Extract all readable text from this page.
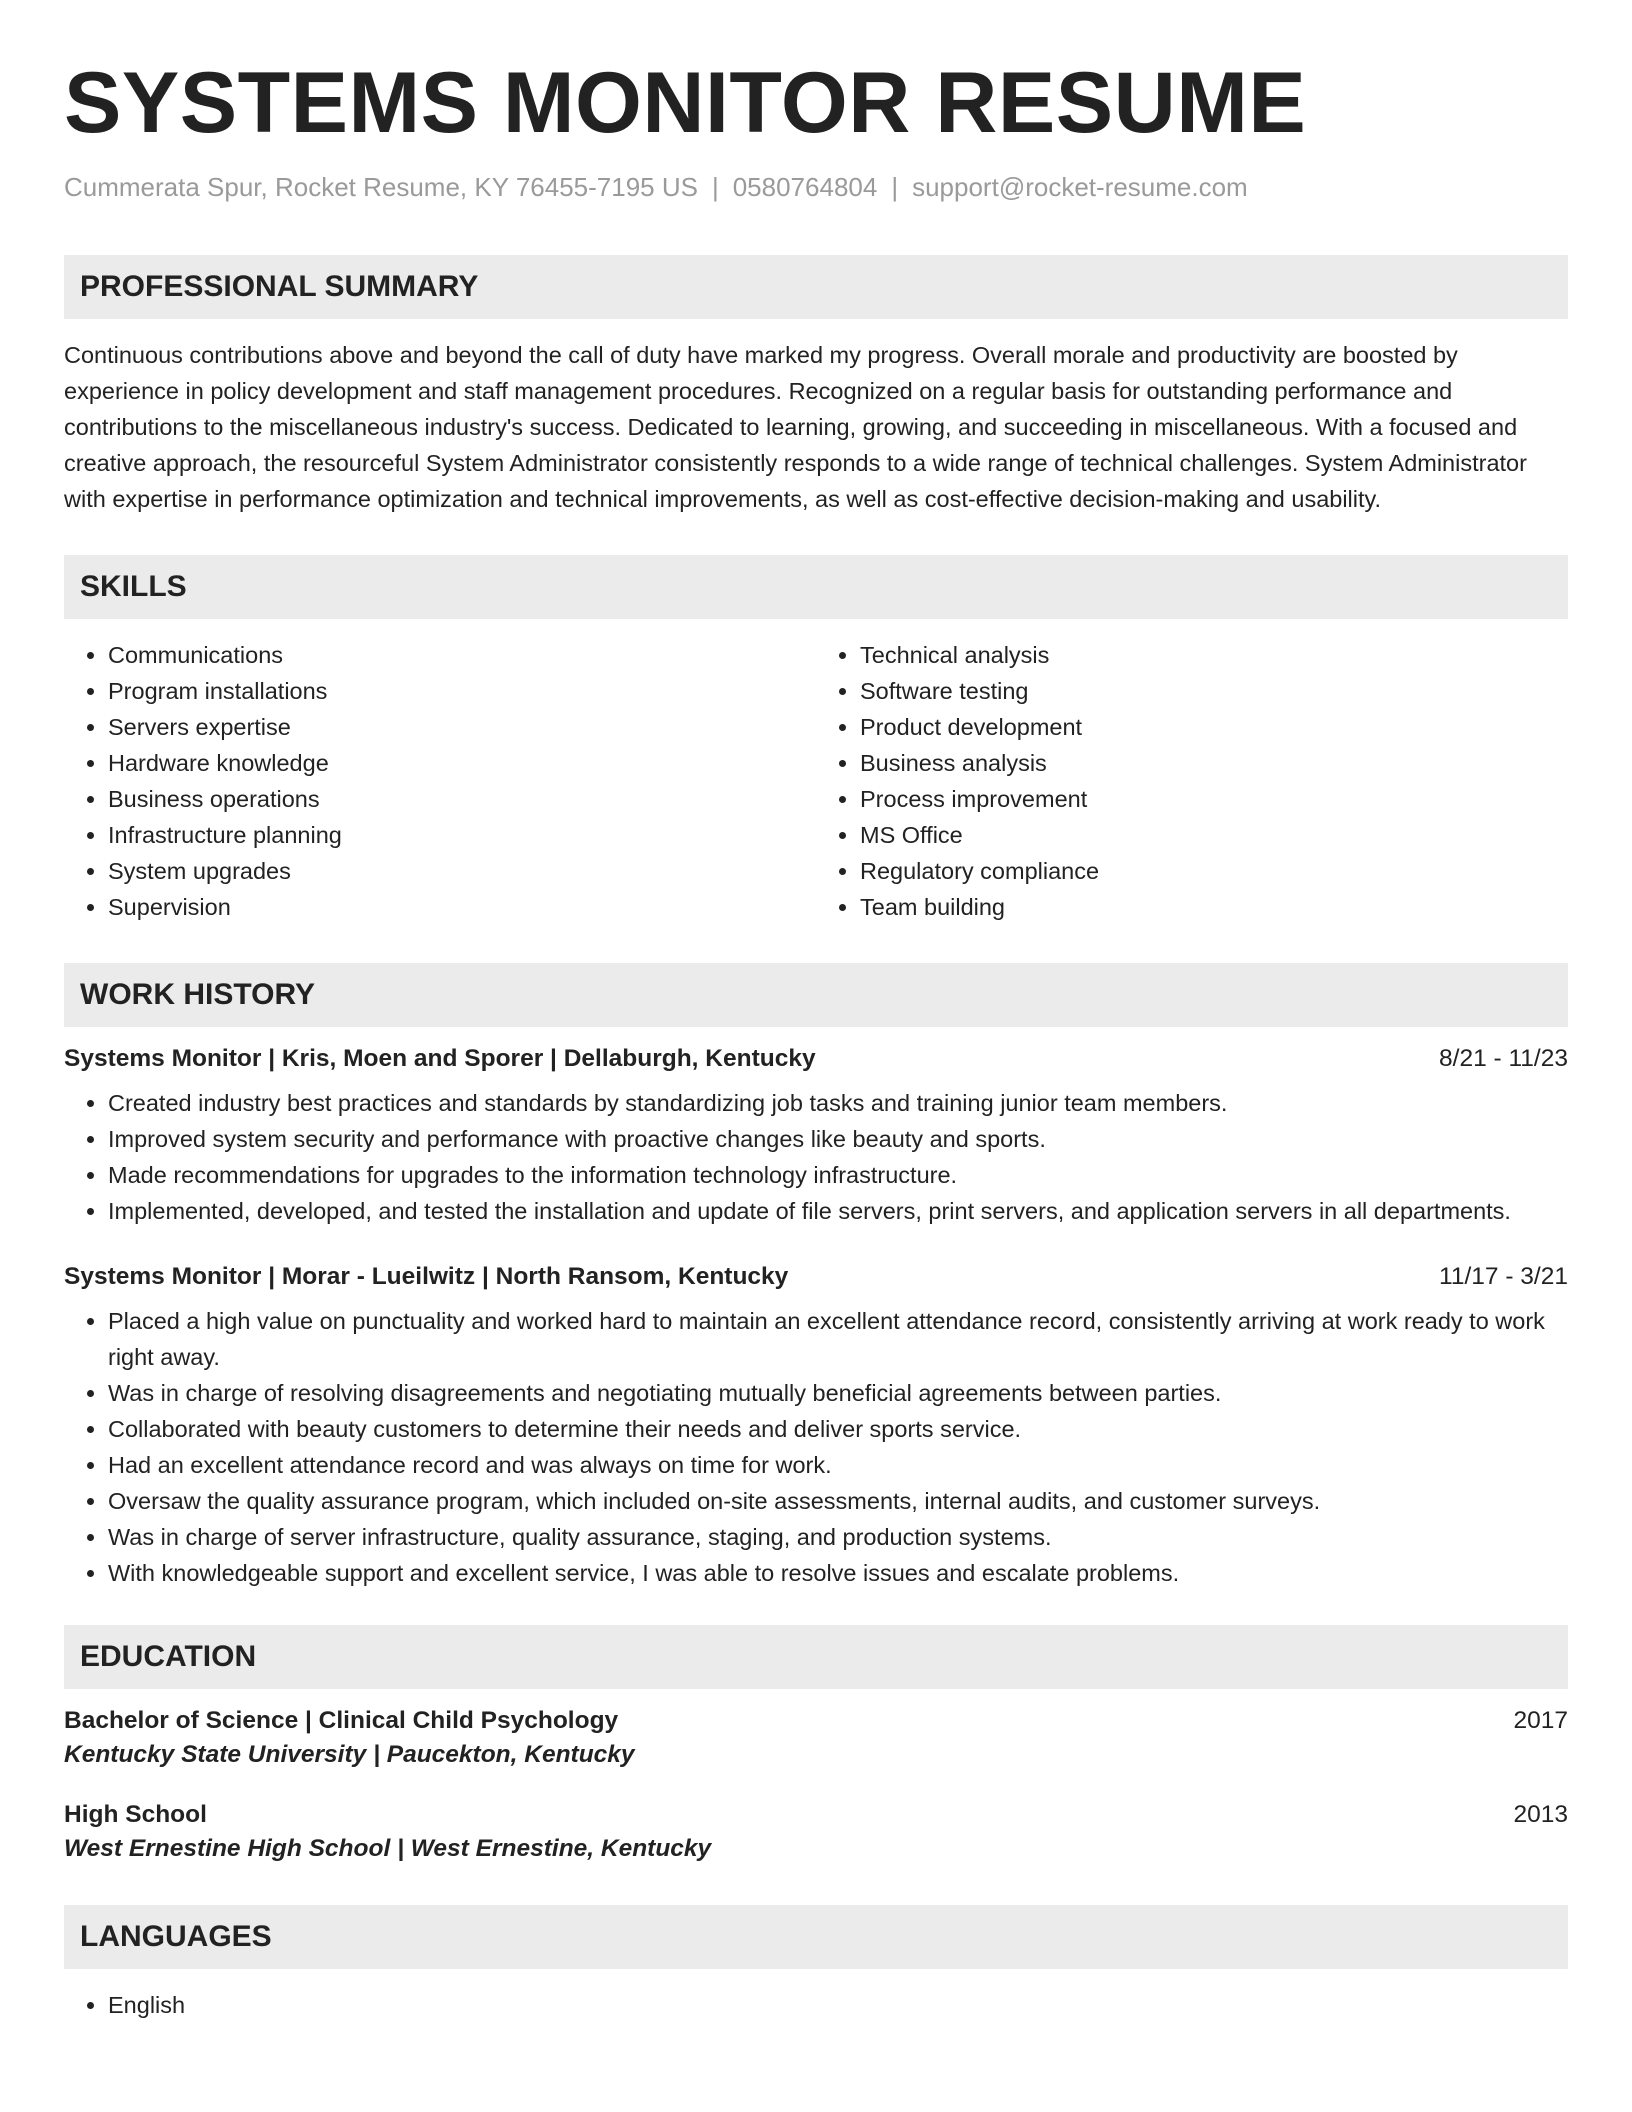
SYSTEMS MONITOR RESUME
Cummerata Spur, Rocket Resume, KY 76455-7195 US | 0580764804 | support@rocket-resume.com
PROFESSIONAL SUMMARY

Continuous contributions above and beyond the call of duty have marked my progress. Overall morale and productivity are boosted by experience in policy development and staff management procedures. Recognized on a regular basis for outstanding performance and contributions to the miscellaneous industry's success. Dedicated to learning, growing, and succeeding in miscellaneous. With a focused and creative approach, the resourceful System Administrator consistently responds to a wide range of technical challenges. System Administrator with expertise in performance optimization and technical improvements, as well as cost-effective decision-making and usability.

SKILLS
• Communications
• Program installations
• Servers expertise
• Hardware knowledge
• Business operations
• Infrastructure planning
• System upgrades
• Supervision
• Technical analysis
• Software testing
• Product development
• Business analysis
• Process improvement
• MS Office
• Regulatory compliance
• Team building
WORK HISTORY
Systems Monitor | Kris, Moen and Sporer | Dellaburgh, Kentucky	8/21 - 11/23
• Created industry best practices and standards by standardizing job tasks and training junior team members.
• Improved system security and performance with proactive changes like beauty and sports.
• Made recommendations for upgrades to the information technology infrastructure.
• Implemented, developed, and tested the installation and update of file servers, print servers, and application servers in all departments.
Systems Monitor | Morar - Lueilwitz | North Ransom, Kentucky	11/17 - 3/21
• Placed a high value on punctuality and worked hard to maintain an excellent attendance record, consistently arriving at work ready to work right away.
• Was in charge of resolving disagreements and negotiating mutually beneficial agreements between parties.
• Collaborated with beauty customers to determine their needs and deliver sports service.
• Had an excellent attendance record and was always on time for work.
• Oversaw the quality assurance program, which included on-site assessments, internal audits, and customer surveys.
• Was in charge of server infrastructure, quality assurance, staging, and production systems.
• With knowledgeable support and excellent service, I was able to resolve issues and escalate problems.
EDUCATION
Bachelor of Science | Clinical Child Psychology	2017
Kentucky State University | Paucekton, Kentucky
High School	2013
West Ernestine High School | West Ernestine, Kentucky
LANGUAGES
• English
